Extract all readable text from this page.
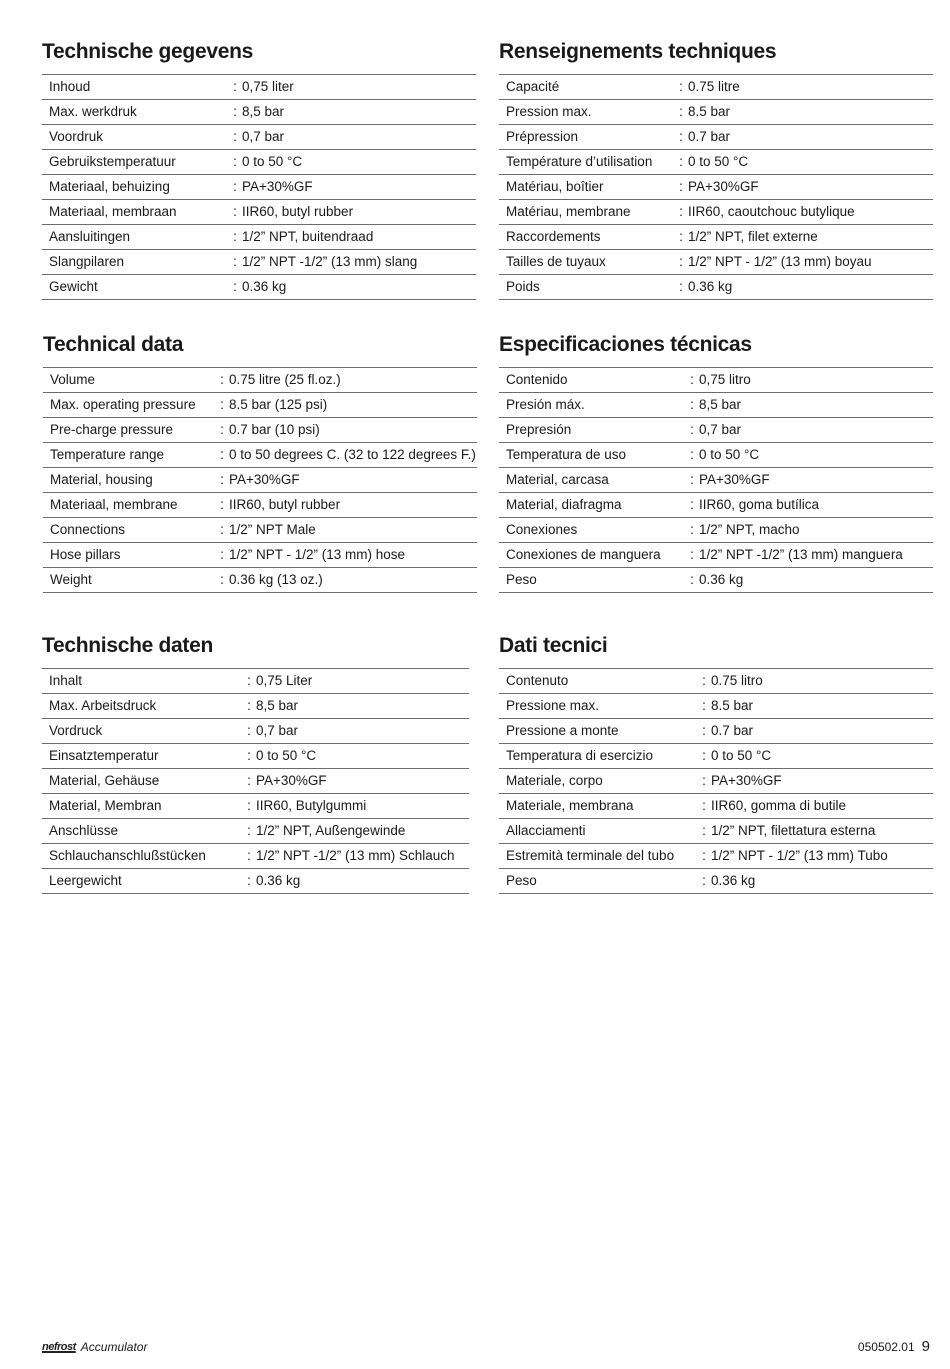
Technische gegevens
Inhoud	: 0,75 liter
Max. werkdruk	: 8,5 bar
Voordruk	: 0,7 bar
Gebruikstemperatuur	: 0 to 50 °C
Materiaal, behuizing	: PA+30%GF
Materiaal, membraan	: IIR60, butyl rubber
Aansluitingen	: 1/2” NPT, buitendraad
Slangpilaren	: 1/2” NPT -1/2” (13 mm) slang
Gewicht	: 0.36 kg
Renseignements techniques
Capacité	: 0.75 litre
Pression max.	: 8.5 bar
Prépression	: 0.7 bar
Température d’utilisation	: 0 to 50 °C
Matériau, boîtier	: PA+30%GF
Matériau, membrane	: IIR60, caoutchouc butylique
Raccordements	: 1/2” NPT, filet externe
Tailles de tuyaux	: 1/2” NPT - 1/2” (13 mm) boyau
Poids	: 0.36 kg
Technical data
Volume	: 0.75 litre (25 fl.oz.)
Max. operating pressure	: 8.5 bar (125 psi)
Pre-charge pressure	: 0.7 bar (10 psi)
Temperature range	: 0 to 50 degrees C. (32 to 122 degrees F.)
Material, housing	: PA+30%GF
Materiaal, membrane	: IIR60, butyl rubber
Connections	: 1/2” NPT Male
Hose pillars	: 1/2” NPT - 1/2” (13 mm) hose
Weight	: 0.36 kg (13 oz.)
Especificaciones técnicas
Contenido	: 0,75 litro
Presión máx.	: 8,5 bar
Prepresión	: 0,7 bar
Temperatura de uso	: 0 to 50 °C
Material, carcasa	: PA+30%GF
Material, diafragma	: IIR60, goma butílica
Conexiones	: 1/2” NPT, macho
Conexiones de manguera	: 1/2” NPT -1/2” (13 mm) manguera
Peso	: 0.36 kg
Technische daten
Inhalt	: 0,75 Liter
Max. Arbeitsdruck	: 8,5 bar
Vordruck	: 0,7 bar
Einsatztemperatur	: 0 to 50 °C
Material, Gehäuse	: PA+30%GF
Material, Membran	: IIR60, Butylgummi
Anschlüsse	: 1/2” NPT, Außengewinde
Schlauchanschlußstücken	: 1/2” NPT -1/2” (13 mm) Schlauch
Leergewicht	: 0.36 kg
Dati tecnici
Contenuto	: 0.75 litro
Pressione max.	: 8.5 bar
Pressione a monte	: 0.7 bar
Temperatura di esercizio	: 0 to 50 °C
Materiale, corpo	: PA+30%GF
Materiale, membrana	: IIR60, gomma di butile
Allacciamenti	: 1/2” NPT, filettatura esterna
Estremità terminale del tubo	: 1/2” NPT - 1/2” (13 mm) Tubo
Peso	: 0.36 kg
nefrost Accumulator	050502.01 9
